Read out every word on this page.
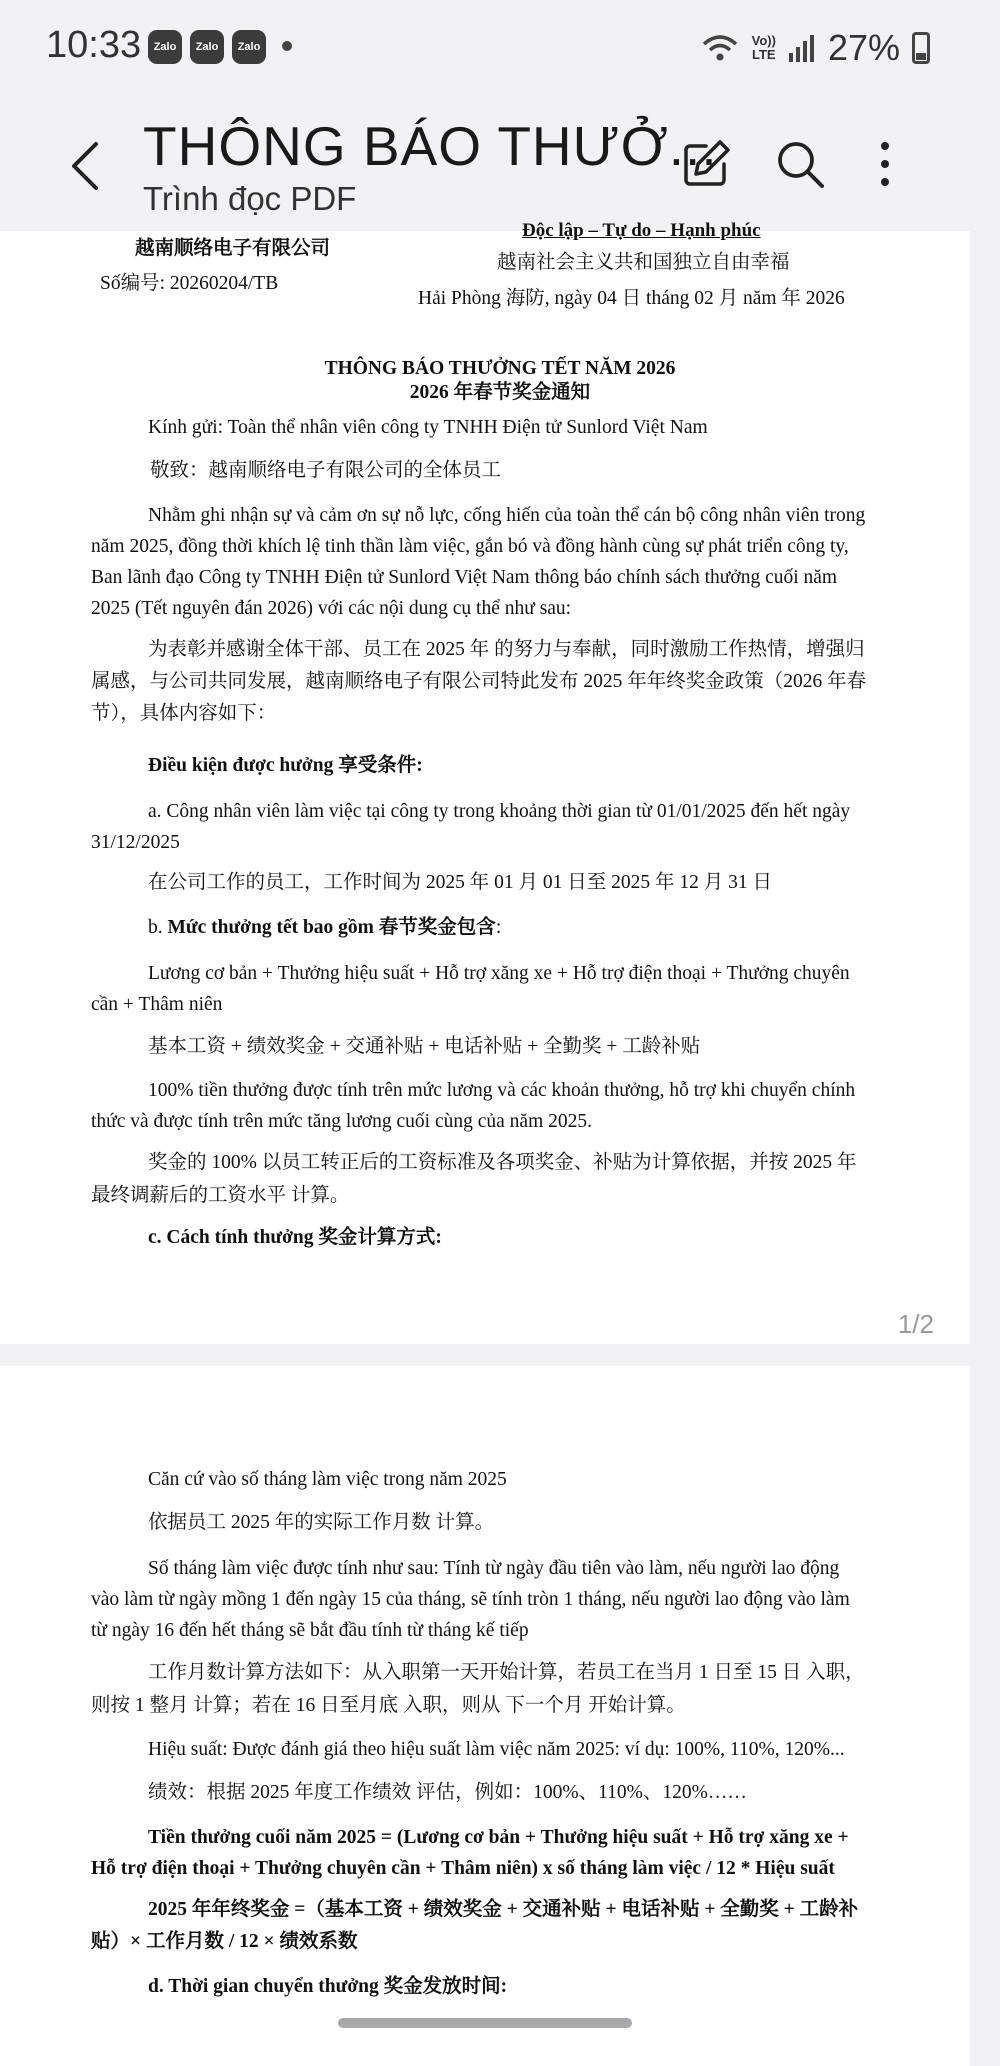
10:33	Zalo	Zalo	Zalo	Vo))
LTE 27%
THÔNG BÁO THƯỞ...
Trình đọc PDF
Độc lập – Tự do – Hạnh phúc
越南顺络电子有限公司
Số编号: 20260204/TB
越南社会主义共和国独立自由幸福
Hải Phòng 海防, ngày 04 日 tháng 02 月 năm 年 2026
THÔNG BÁO THƯỞNG TẾT NĂM 2026
2026 年春节奖金通知
Kính gửi: Toàn thể nhân viên công ty TNHH Điện tử Sunlord Việt Nam
敬致：越南顺络电子有限公司的全体员工
Nhằm ghi nhận sự và cảm ơn sự nỗ lực, cống hiến của toàn thể cán bộ công nhân viên trong
năm 2025, đồng thời khích lệ tinh thần làm việc, gắn bó và đồng hành cùng sự phát triển công ty,
Ban lãnh đạo Công ty TNHH Điện tử Sunlord Việt Nam thông báo chính sách thưởng cuối năm
2025 (Tết nguyên đán 2026) với các nội dung cụ thể như sau:
为表彰并感谢全体干部、员工在 2025 年 的努力与奉献，同时激励工作热情，增强归
属感，与公司共同发展，越南顺络电子有限公司特此发布 2025 年年终奖金政策（2026 年春
节），具体内容如下：
Điều kiện được hưởng 享受条件:
a. Công nhân viên làm việc tại công ty trong khoảng thời gian từ 01/01/2025 đến hết ngày
31/12/2025
在公司工作的员工，工作时间为 2025 年 01 月 01 日至 2025 年 12 月 31 日
b. Mức thưởng tết bao gồm 春节奖金包含:
Lương cơ bản + Thưởng hiệu suất + Hỗ trợ xăng xe + Hỗ trợ điện thoại + Thưởng chuyên
cần + Thâm niên
基本工资 + 绩效奖金 + 交通补贴 + 电话补贴 + 全勤奖 + 工龄补贴
100% tiền thưởng được tính trên mức lương và các khoản thưởng, hỗ trợ khi chuyển chính
thức và được tính trên mức tăng lương cuối cùng của năm 2025.
奖金的 100% 以员工转正后的工资标准及各项奖金、补贴为计算依据，并按 2025 年
最终调薪后的工资水平 计算。
c. Cách tính thưởng 奖金计算方式:
1/2
Căn cứ vào số tháng làm việc trong năm 2025
依据员工 2025 年的实际工作月数 计算。
Số tháng làm việc được tính như sau: Tính từ ngày đầu tiên vào làm, nếu người lao động
vào làm từ ngày mồng 1 đến ngày 15 của tháng, sẽ tính tròn 1 tháng, nếu người lao động vào làm
từ ngày 16 đến hết tháng sẽ bắt đầu tính từ tháng kế tiếp
工作月数计算方法如下：从入职第一天开始计算，若员工在当月 1 日至 15 日 入职，
则按 1 整月 计算；若在 16 日至月底 入职，则从 下一个月 开始计算。
Hiệu suất: Được đánh giá theo hiệu suất làm việc năm 2025: ví dụ: 100%, 110%, 120%...
绩效：根据 2025 年度工作绩效 评估，例如：100%、110%、120%……
Tiền thưởng cuối năm 2025 = (Lương cơ bản + Thưởng hiệu suất + Hỗ trợ xăng xe +
Hỗ trợ điện thoại + Thưởng chuyên cần + Thâm niên) x số tháng làm việc / 12 * Hiệu suất
2025 年年终奖金 =（基本工资 + 绩效奖金 + 交通补贴 + 电话补贴 + 全勤奖 + 工龄补
贴）× 工作月数 / 12 × 绩效系数
d. Thời gian chuyển thưởng 奖金发放时间:
